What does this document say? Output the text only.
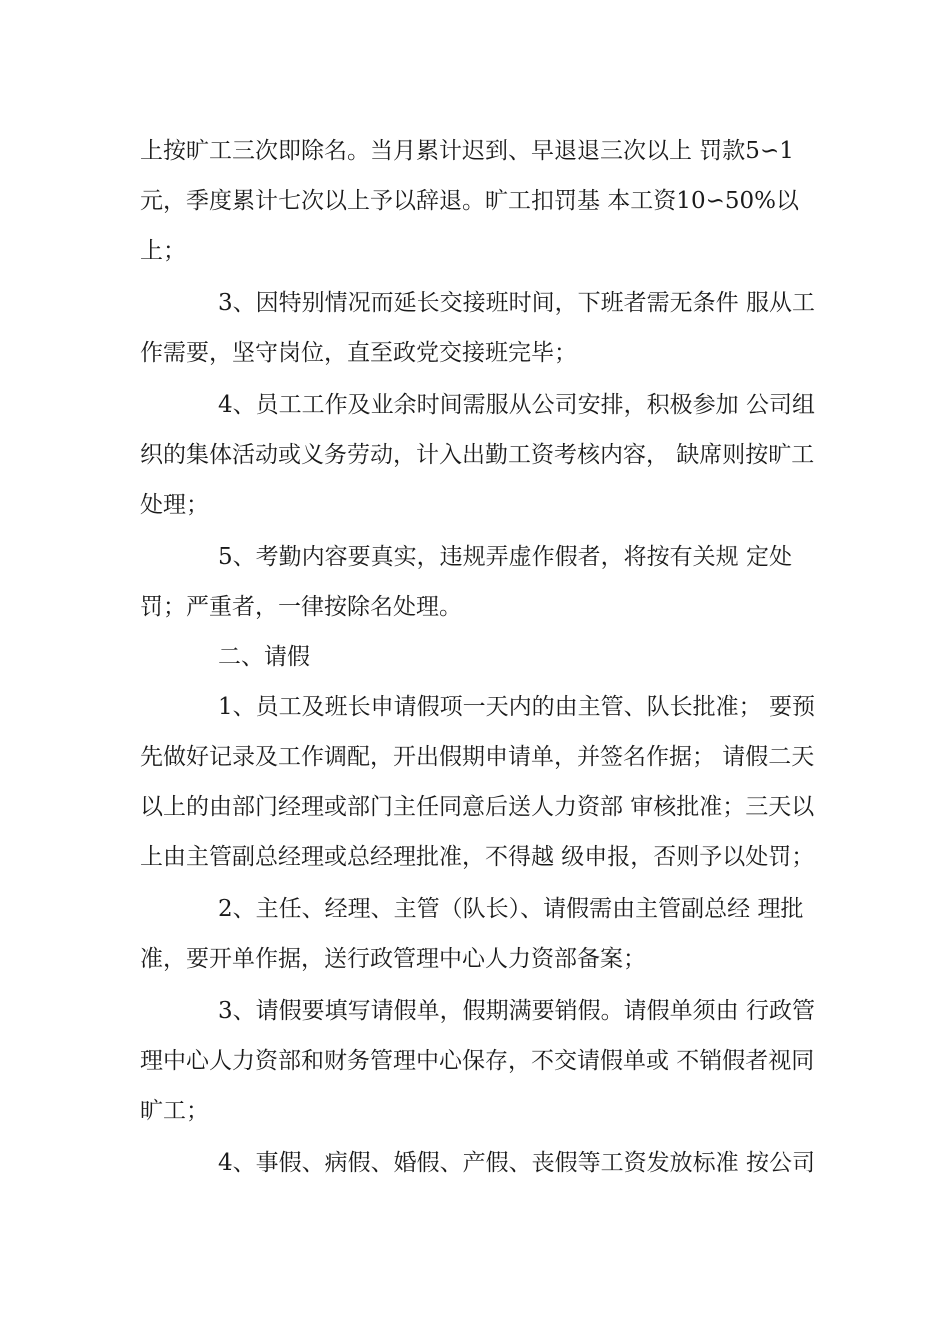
上按旷工三次即除名。当月累计迟到、早退退三次以上 罚款5∽1
元，季度累计七次以上予以辞退。旷工扣罚基 本工资10∽50%以
上；
3、因特别情况而延长交接班时间，下班者需无条件 服从工
作需要，坚守岗位，直至政党交接班完毕；
4、员工工作及业余时间需服从公司安排，积极参加 公司组
织的集体活动或义务劳动，计入出勤工资考核内容， 缺席则按旷工
处理；
5、考勤内容要真实，违规弄虚作假者，将按有关规 定处
罚；严重者，一律按除名处理。
二、请假
1、员工及班长申请假项一天内的由主管、队长批准； 要预
先做好记录及工作调配，开出假期申请单，并签名作据； 请假二天
以上的由部门经理或部门主任同意后送人力资部 审核批准；三天以
上由主管副总经理或总经理批准，不得越 级申报，否则予以处罚；
2、主任、经理、主管（队长）、请假需由主管副总经 理批
准，要开单作据，送行政管理中心人力资部备案；
3、请假要填写请假单，假期满要销假。请假单须由 行政管
理中心人力资部和财务管理中心保存，不交请假单或 不销假者视同
旷工；
4、事假、病假、婚假、产假、丧假等工资发放标准 按公司
